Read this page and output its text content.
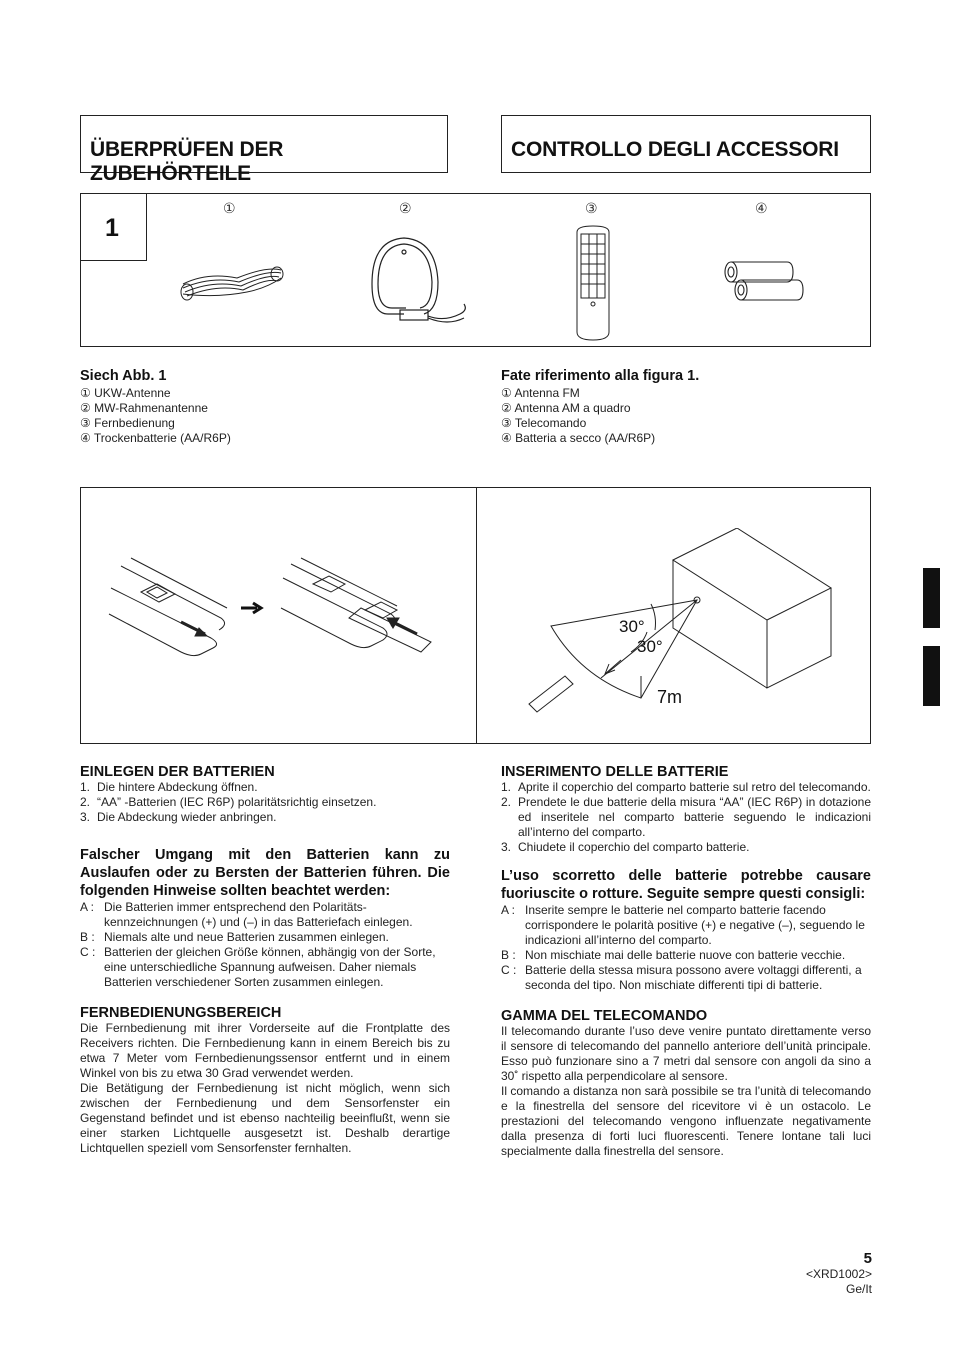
ÜBERPRÜFEN DER ZUBEHÖRTEILE
CONTROLLO DEGLI ACCESSORI
1
①	②	③	④
Siech Abb. 1
① UKW-Antenne
② MW-Rahmenantenne
③ Fernbedienung
④ Trockenbatterie (AA/R6P)
Fate riferimento alla figura 1.
① Antenna FM
② Antenna AM a quadro
③ Telecomando
④ Batteria a secco (AA/R6P)
30°
30°
7m
EINLEGEN DER BATTERIEN
1. Die hintere Abdeckung öffnen.
2. “AA” -Batterien (IEC R6P) polaritätsrichtig einsetzen.
3. Die Abdeckung wieder anbringen.
Falscher Umgang mit den Batterien kann zu Auslaufen oder zu Bersten der Batterien führen. Die folgenden Hinweise sollten beachtet werden:
A : Die Batterien immer entsprechend den Polaritäts-kennzeichnungen (+) und (–) in das Batteriefach einlegen.
B : Niemals alte und neue Batterien zusammen einlegen.
C : Batterien der gleichen Größe können, abhängig von der Sorte, eine unterschiedliche Spannung aufweisen. Daher niemals Batterien verschiedener Sorten zusammen einlegen.
FERNBEDIENUNGSBEREICH
Die Fernbedienung mit ihrer Vorderseite auf die Frontplatte des Receivers richten. Die Fernbedienung kann in einem Bereich bis zu etwa 7 Meter vom Fernbedienungssensor entfernt und in einem Winkel von bis zu etwa 30 Grad verwendet werden.
Die Betätigung der Fernbedienung ist nicht möglich, wenn sich zwischen der Fernbedienung und dem Sensorfenster ein Gegenstand befindet und ist ebenso nachteilig beeinflußt, wenn sie einer starken Lichtquelle ausgesetzt ist. Deshalb derartige Lichtquellen speziell vom Sensorfenster fernhalten.
INSERIMENTO DELLE BATTERIE
1. Aprite il coperchio del comparto batterie sul retro del telecomando.
2. Prendete le due batterie della misura “AA” (IEC R6P) in dotazione ed inseritele nel comparto batterie seguendo le indicazioni all’interno del comparto.
3. Chiudete il coperchio del comparto batterie.
L’uso scorretto delle batterie potrebbe causare fuoriuscite o rotture. Seguite sempre questi consigli:
A : Inserite sempre le batterie nel comparto batterie facendo corrispondere le polarità positive (+) e negative (–), seguendo le indicazioni all’interno del comparto.
B : Non mischiate mai delle batterie nuove con batterie vecchie.
C : Batterie della stessa misura possono avere voltaggi differenti, a seconda del tipo. Non mischiate differenti tipi di batterie.
GAMMA DEL TELECOMANDO
Il telecomando durante l’uso deve venire puntato direttamente verso il sensore di telecomando del pannello anteriore dell’unità principale. Esso può funzionare sino a 7 metri dal sensore con angoli da sino a 30˚ rispetto alla perpendicolare al sensore.
Il comando a distanza non sarà possibile se tra l’unità di telecomando e la finestrella del sensore del ricevitore vi è un ostacolo. Le prestazioni del telecomando vengono influenzate negativamente dalla presenza di forti luci fluorescenti. Tenere lontane tali luci specialmente dalla finestrella del sensore.
5
<XRD1002>
Ge/It
